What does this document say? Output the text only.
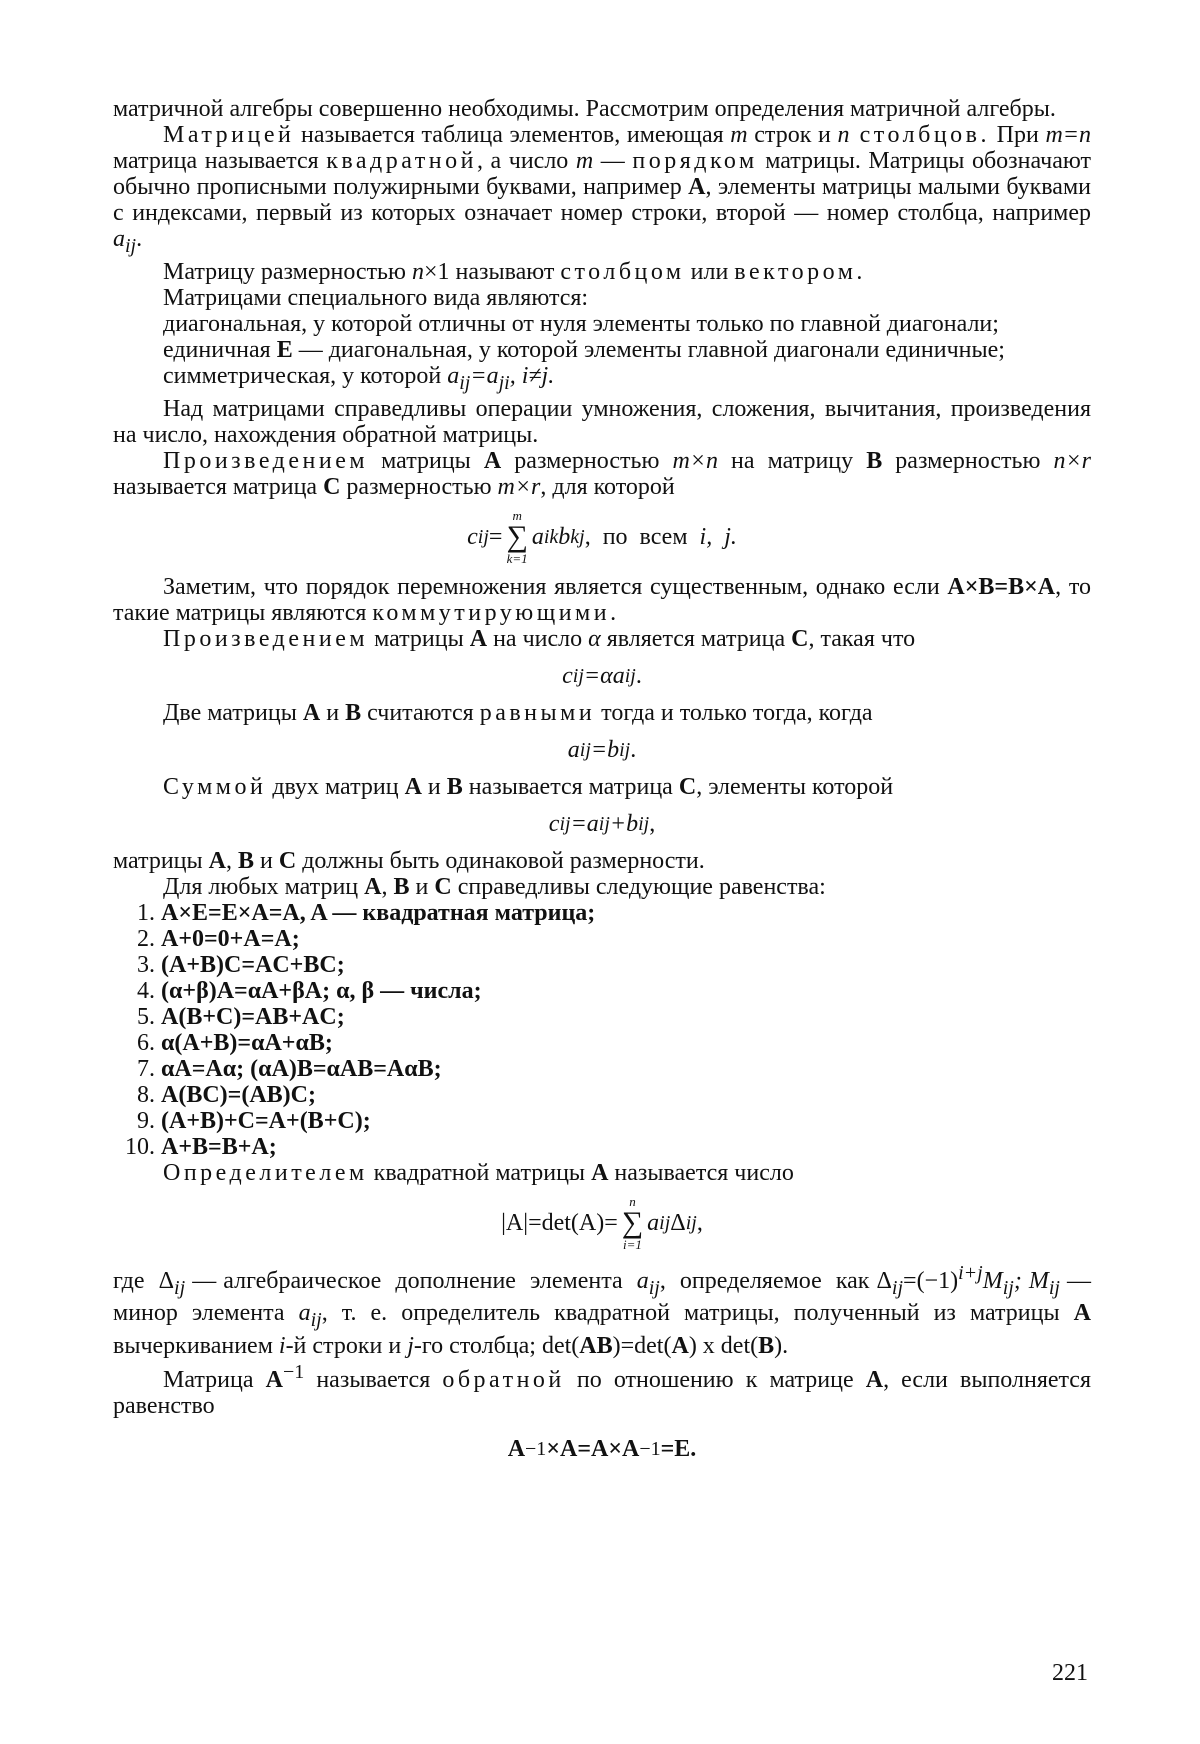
матричной алгебры совершенно необходимы. Рассмотрим определения матричной алгебры.

Матрицей называется таблица элементов, имеющая m строк и n столбцов. При m=n матрица называется квадратной, а число m — порядком матрицы. Матрицы обозначают обычно прописными полужирными буквами, например A, элементы матрицы малыми буквами с индексами, первый из которых означает номер строки, второй — номер столбца, например $a_{ij}$.

Матрицу размерностью n×1 называют столбцом или вектором.

Матрицами специального вида являются:

диагональная, у которой отличны от нуля элементы только по главной диагонали;

единичная E — диагональная, у которой элементы главной диагонали единичные;

симметрическая, у которой $a_{ij}=a_{ji}$, i≠j.

Над матрицами справедливы операции умножения, сложения, вычитания, произведения на число, нахождения обратной матрицы.

Произведением матрицы A размерностью m×n на матрицу B размерностью n×r называется матрица C размерностью m×r, для которой

c ij =
m
∑
k=1
a ik b kj ,  по  всем i,  j.

Заметим, что порядок перемножения является существенным, однако если A×B=B×A, то такие матрицы являются коммутирующими.

Произведением матрицы A на число α является матрица C, такая что

c ij =αa ij .

Две матрицы A и B считаются равными тогда и только тогда, когда

a ij =b ij .

Суммой двух матриц A и B называется матрица C, элементы которой

c ij =a ij +b ij ,

матрицы A, B и C должны быть одинаковой размерности.

Для любых матриц A, B и C справедливы следующие равенства:

1. A×E=E×A=A, A — квадратная матрица;
2. A+0=0+A=A;
3. (A+B)C=AC+BC;
4. (α+β)A=αA+βA; α, β — числа;
5. A(B+C)=AB+AC;
6. α(A+B)=αA+αB;
7. αA=Aα; (αA)B=αAB=AαB;
8. A(BC)=(AB)C;
9. (A+B)+C=A+(B+C);
10. A+B=B+A;

Определителем квадратной матрицы A называется число

|A|=det(A)=
n
∑
i=1
a ij Δ ij ,

где  $\Delta_{ij}$ — алгебраическое  дополнение  элемента  $a_{ij}$,  определяемое  как $\Delta_{ij}=(-1)^{i+j}M_{ij}$; $M_{ij}$ — минор элемента $a_{ij}$, т. е. определитель квадратной матрицы, полученный из матрицы A вычеркиванием i-й строки и j-го столбца; det(AB)=det(A) x det(B).

Матрица $A^{-1}$ называется обратной по отношению к матрице A, если выполняется равенство

A −1 ×A=A×A −1 =E.
221
